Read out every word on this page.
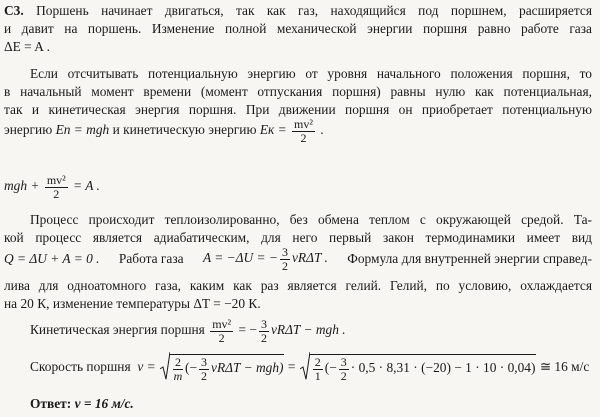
С3. Поршень начинает двигаться, так как газ, находящийся под поршнем, расширяется
и давит на поршень. Изменение полной механической энергии поршня равно работе газа
ΔE = A .
Если отсчитывать потенциальную энергию от уровня начального положения поршня, то
в начальный момент времени (момент отпускания поршня) равны нулю как потенциальная,
так и кинетическая энергия поршня. При движении поршня он приобретает потенциальную
энергию Eп = mgh и кинетическую энергию Eк = $\frac{\text{mv²}}{2}$ .
mgh + $\frac{\text{mv²}}{2} = A$ .
Процесс происходит теплоизолированно, без обмена теплом с окружающей средой. Та-
кой процесс является адиабатическим, для него первый закон термодинамики имеет вид
Q = ΔU + A = 0 . Работа газа A = −ΔU = − $\frac{3}{2}$ νRΔT . Формула для внутренней энергии справед-
лива для одноатомного газа, каким как раз является гелий. Гелий, по условию, охлаждается
на 20 К, изменение температуры ΔT = −20 К.
Кинетическая энергия поршня $\frac{\text{mv²}}{2}$ = − $\frac{3}{2}$ νRΔT − mgh .
Скорость поршня $v = \frac{2}{m}$ (− $\frac{3}{2}$ $\nu R\Delta T - mgh) = \frac{2}{1}$ (− $\frac{3}{2} \cdot 0,5 \cdot 8,31 \cdot (-20) - 1 \cdot 10 \cdot 0,04$) ≅ 16 м/с
Ответ: v = 16 м/с.
